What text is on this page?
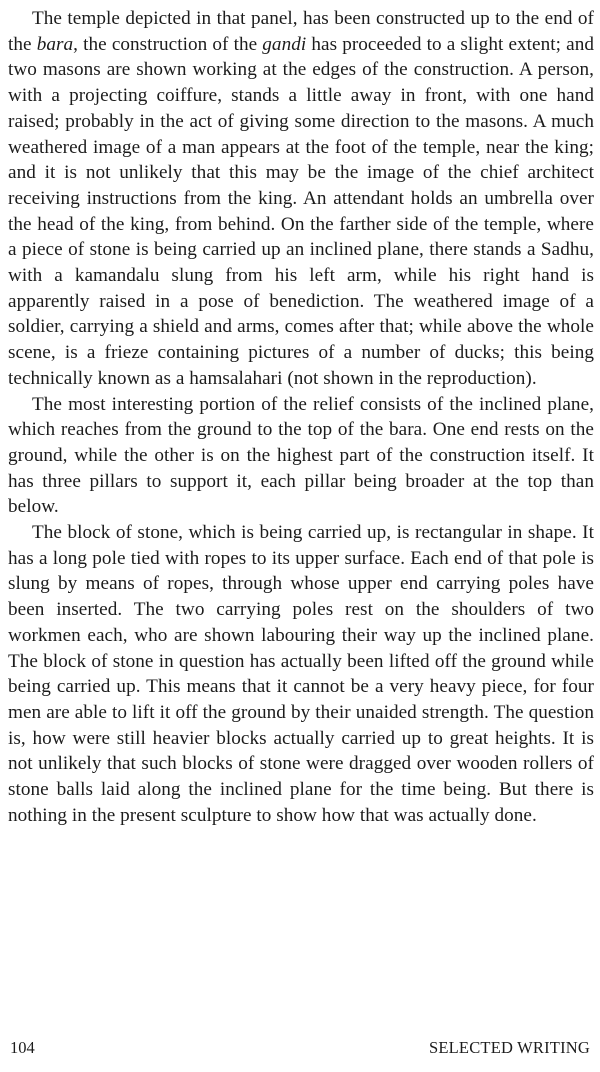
The temple depicted in that panel, has been constructed up to the end of the bara, the construction of the gandi has proceeded to a slight extent; and two masons are shown working at the edges of the construction. A person, with a projecting coiffure, stands a little away in front, with one hand raised; probably in the act of giving some direction to the masons. A much weathered image of a man appears at the foot of the temple, near the king; and it is not unlikely that this may be the image of the chief architect receiving instructions from the king. An attendant holds an umbrella over the head of the king, from behind. On the farther side of the temple, where a piece of stone is being carried up an inclined plane, there stands a Sadhu, with a kamandalu slung from his left arm, while his right hand is apparently raised in a pose of benediction. The weathered image of a soldier, carrying a shield and arms, comes after that; while above the whole scene, is a frieze containing pictures of a number of ducks; this being technically known as a hamsalahari (not shown in the reproduction).

The most interesting portion of the relief consists of the inclined plane, which reaches from the ground to the top of the bara. One end rests on the ground, while the other is on the highest part of the construction itself. It has three pillars to support it, each pillar being broader at the top than below.

The block of stone, which is being carried up, is rectangular in shape. It has a long pole tied with ropes to its upper surface. Each end of that pole is slung by means of ropes, through whose upper end carrying poles have been inserted. The two carrying poles rest on the shoulders of two workmen each, who are shown labouring their way up the inclined plane. The block of stone in question has actually been lifted off the ground while being carried up. This means that it cannot be a very heavy piece, for four men are able to lift it off the ground by their unaided strength. The question is, how were still heavier blocks actually carried up to great heights. It is not unlikely that such blocks of stone were dragged over wooden rollers of stone balls laid along the inclined plane for the time being. But there is nothing in the present sculpture to show how that was actually done.

104	SELECTED WRITING
